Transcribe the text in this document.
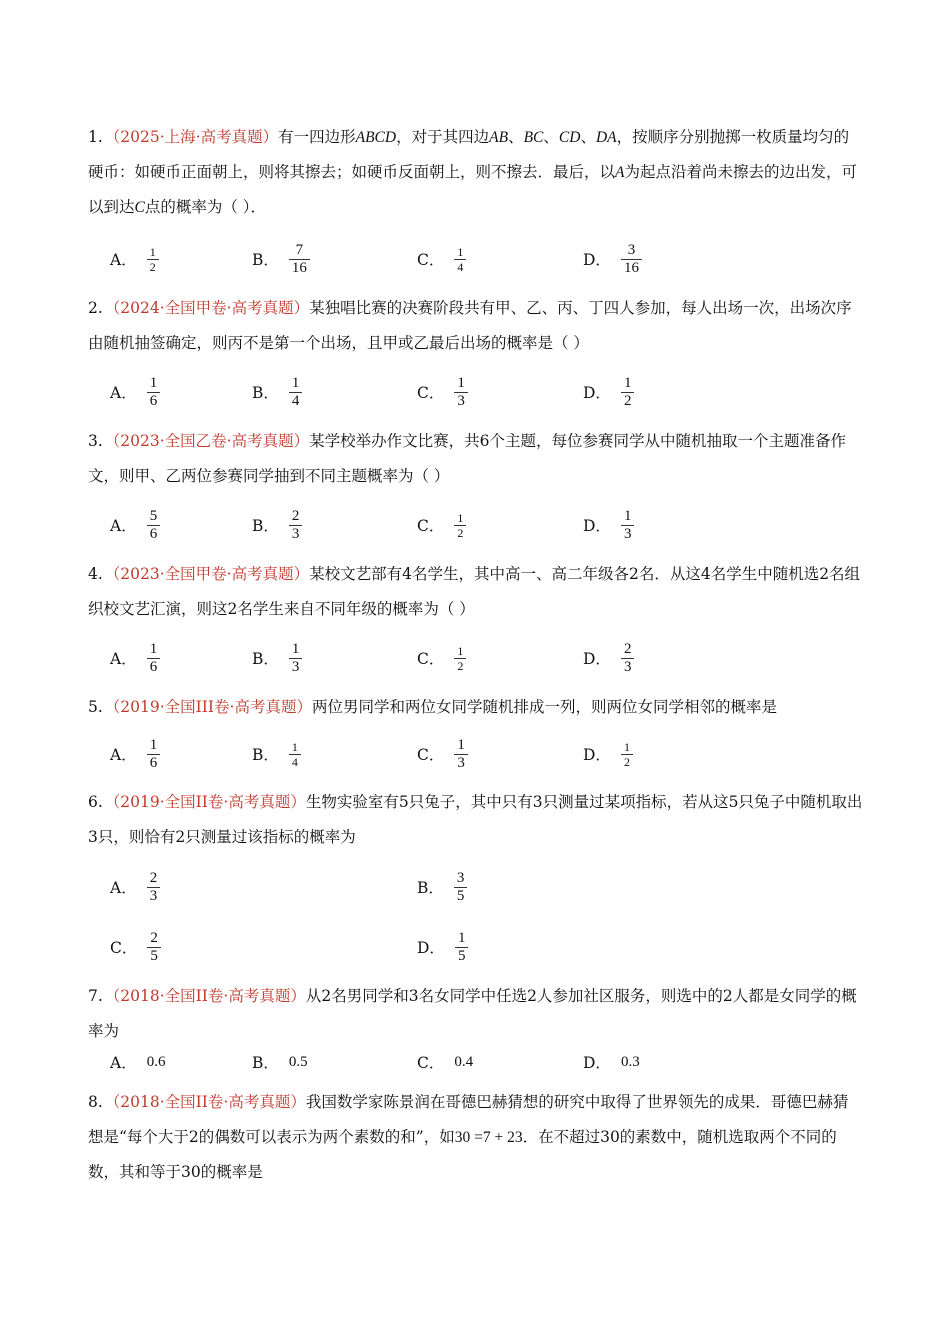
1. （2025·上海·高考真题）有一四边形ABCD，对于其四边AB、BC、CD、DA，按顺序分别抛掷一枚质量均匀的硬币：如硬币正面朝上，则将其擦去；如硬币反面朝上，则不擦去．最后，以A为起点沿着尚未擦去的边出发，可以到达C点的概率为（ ）．
A． $\frac{1}{2}$	B． $\frac{7}{16}$	C． $\frac{1}{4}$	D． $\frac{3}{16}$
2. （2024·全国甲卷·高考真题）某独唱比赛的决赛阶段共有甲、乙、丙、丁四人参加，每人出场一次，出场次序由随机抽签确定，则丙不是第一个出场，且甲或乙最后出场的概率是（ ）
A． $\frac{1}{6}$	B． $\frac{1}{4}$	C． $\frac{1}{3}$	D． $\frac{1}{2}$
3. （2023·全国乙卷·高考真题）某学校举办作文比赛，共6个主题，每位参赛同学从中随机抽取一个主题准备作文，则甲、乙两位参赛同学抽到不同主题概率为（ ）
A． $\frac{5}{6}$	B． $\frac{2}{3}$	C． $\frac{1}{2}$	D． $\frac{1}{3}$
4. （2023·全国甲卷·高考真题）某校文艺部有4名学生，其中高一、高二年级各2名．从这4名学生中随机选2名组织校文艺汇演，则这2名学生来自不同年级的概率为（ ）
A． $\frac{1}{6}$	B． $\frac{1}{3}$	C． $\frac{1}{2}$	D． $\frac{2}{3}$
5. （2019·全国III卷·高考真题）两位男同学和两位女同学随机排成一列，则两位女同学相邻的概率是
A． $\frac{1}{6}$	B． $\frac{1}{4}$	C． $\frac{1}{3}$	D． $\frac{1}{2}$
6. （2019·全国II卷·高考真题）生物实验室有5只兔子，其中只有3只测量过某项指标，若从这5只兔子中随机取出3只，则恰有2只测量过该指标的概率为
A． $\frac{2}{3}$	B． $\frac{3}{5}$
C． $\frac{2}{5}$	D． $\frac{1}{5}$
7. （2018·全国II卷·高考真题）从2名男同学和3名女同学中任选2人参加社区服务，则选中的2人都是女同学的概率为
A． 0.6	B． 0.5	C． 0.4	D． 0.3
8. （2018·全国II卷·高考真题）我国数学家陈景润在哥德巴赫猜想的研究中取得了世界领先的成果．哥德巴赫猜想是“每个大于2的偶数可以表示为两个素数的和”，如30 =7 + 23．在不超过30的素数中，随机选取两个不同的数，其和等于30的概率是
